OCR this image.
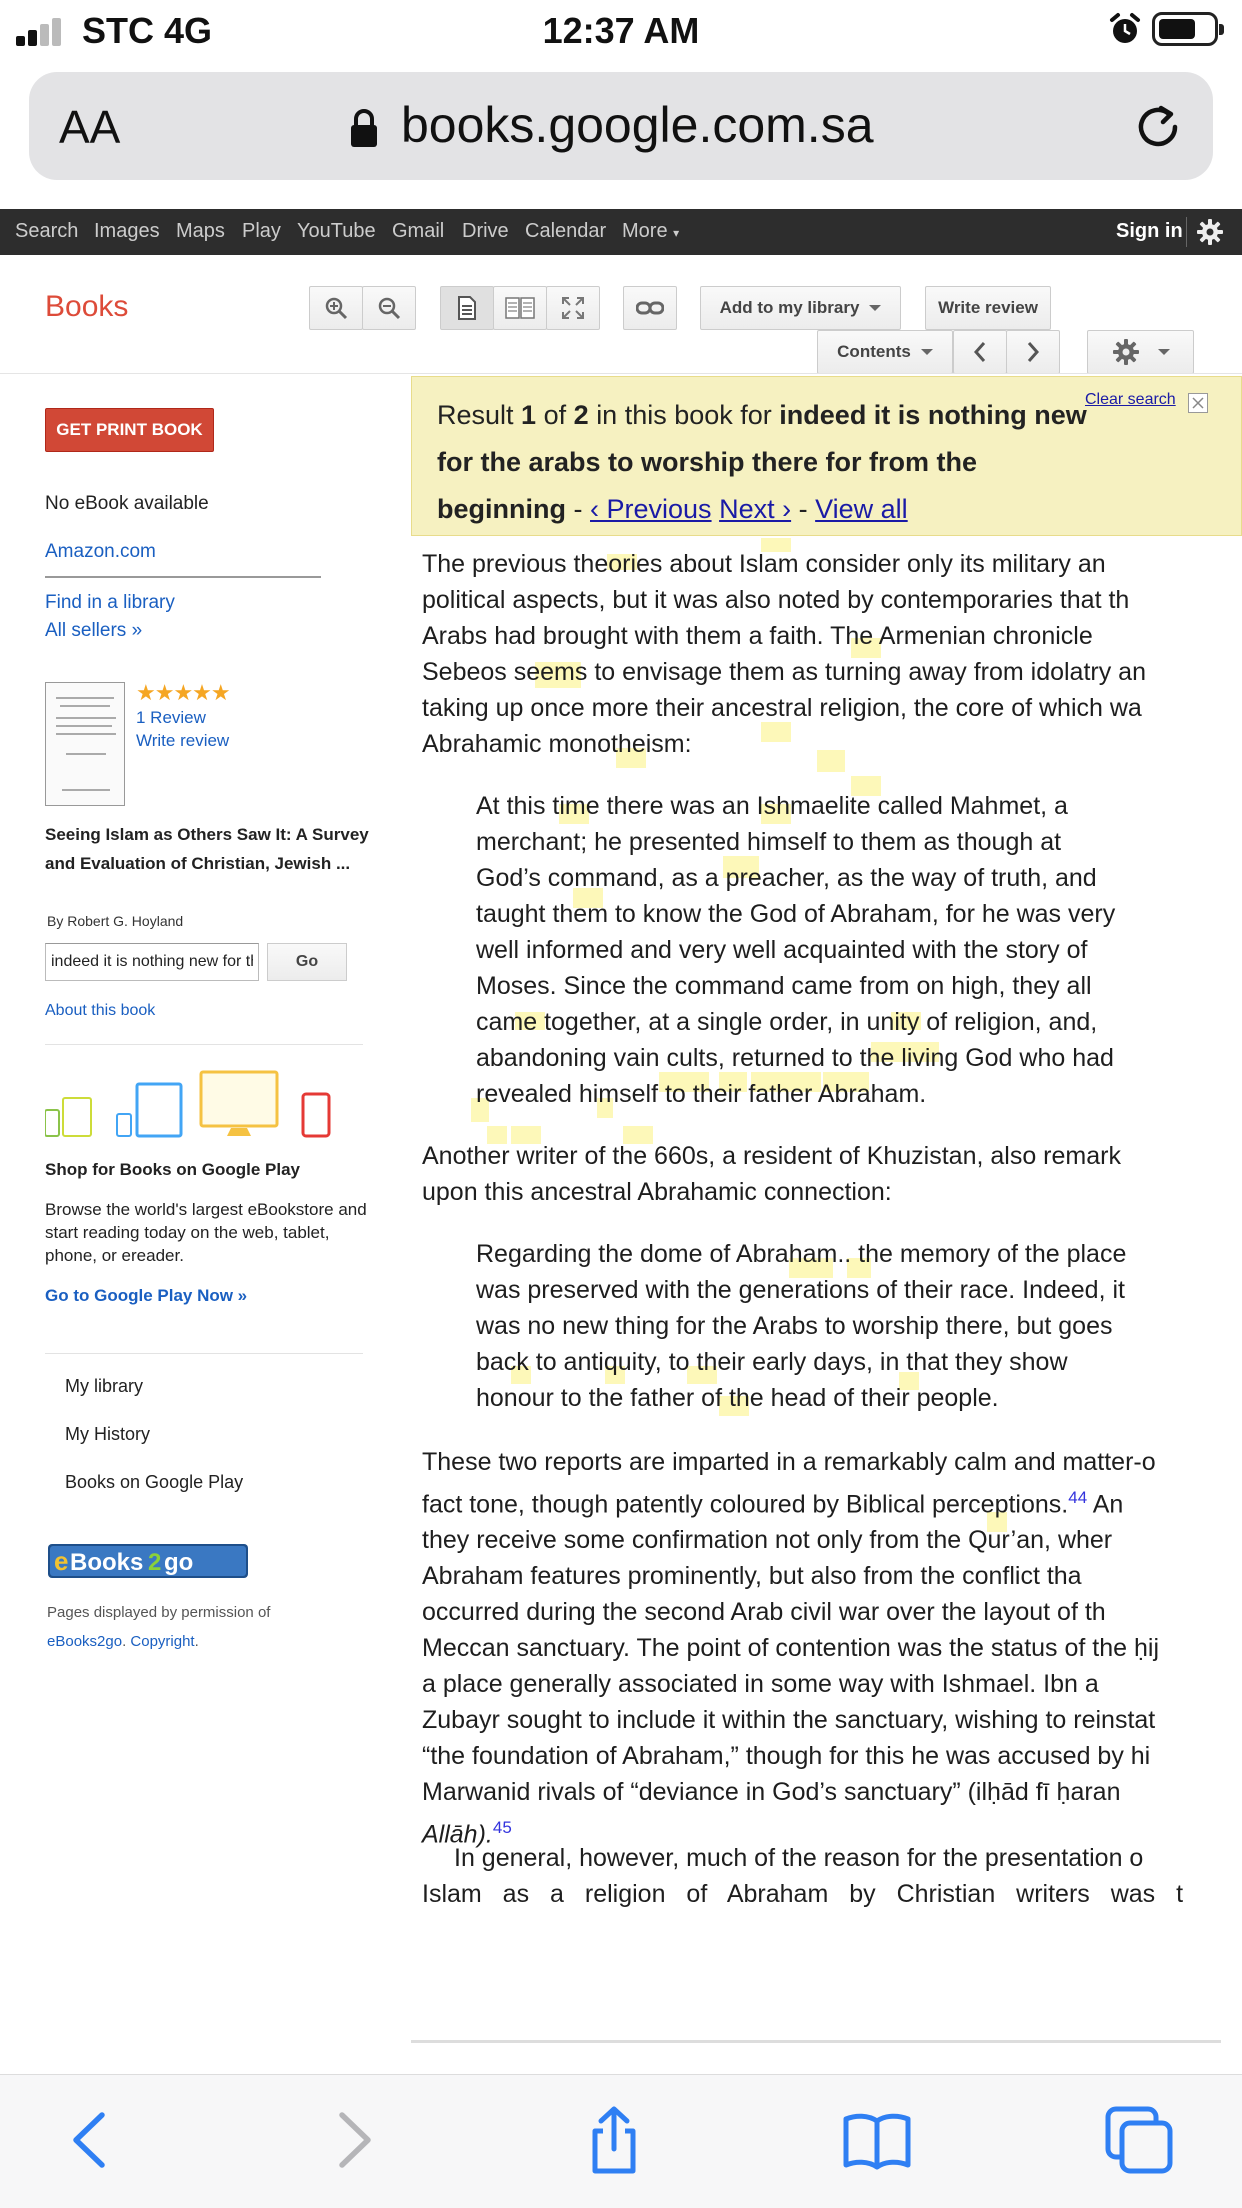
STC 4G	12:37 AM
AA	books.google.com.sa
Search Images Maps Play YouTube Gmail Drive Calendar More ▾	Sign in
Books	Add to my library	Write review
Contents
GET PRINT BOOK
No eBook available
Amazon.com
Find in a library
All sellers »
★★★★★
1 Review
Write review
Seeing Islam as Others Saw It: A Survey and Evaluation of Christian, Jewish ...
By Robert G. Hoyland
indeed it is nothing new for the arabs to worship there for from the beginning
Go
About this book
Shop for Books on Google Play
Browse the world's largest eBookstore and start reading today on the web, tablet, phone, or ereader.
Go to Google Play Now »
My library
My History
Books on Google Play
e Books 2 go
Pages displayed by permission of
eBooks2go. Copyright.
Result 1 of 2 in this book for indeed it is nothing new for the arabs to worship there for from the beginning - ‹ Previous Next › - View all
Clear search
The previous theories about Islam consider only its military an
political aspects, but it was also noted by contemporaries that th
Arabs had brought with them a faith. The Armenian chronicle
Sebeos seems to envisage them as turning away from idolatry an
taking up once more their ancestral religion, the core of which wa
Abrahamic monotheism:
At this time there was an Ishmaelite called Mahmet, a
merchant; he presented himself to them as though at
God’s command, as a preacher, as the way of truth, and
taught them to know the God of Abraham, for he was very
well informed and very well acquainted with the story of
Moses. Since the command came from on high, they all
came together, at a single order, in unity of religion, and,
abandoning vain cults, returned to the living God who had
revealed himself to their father Abraham.
Another writer of the 660s, a resident of Khuzistan, also remark
upon this ancestral Abrahamic connection:
Regarding the dome of Abraham.. the memory of the place
was preserved with the generations of their race. Indeed, it
was no new thing for the Arabs to worship there, but goes
back to antiquity, to their early days, in that they show
honour to the father of the head of their people.
These two reports are imparted in a remarkably calm and matter-o
fact tone, though patently coloured by Biblical perceptions.$^{44}$ An
they receive some confirmation not only from the Qur’an, wher
Abraham features prominently, but also from the conflict tha
occurred during the second Arab civil war over the layout of th
Meccan sanctuary. The point of contention was the status of the ḥij
a place generally associated in some way with Ishmael. Ibn a
Zubayr sought to include it within the sanctuary, wishing to reinstat
“the foundation of Abraham,” though for this he was accused by hi
Marwanid rivals of “deviance in God’s sanctuary” (ilḥād fī ḥaran
Allāh).$^{45}$
In general, however, much of the reason for the presentation o
Islam as a religion of Abraham by Christian writers was t
